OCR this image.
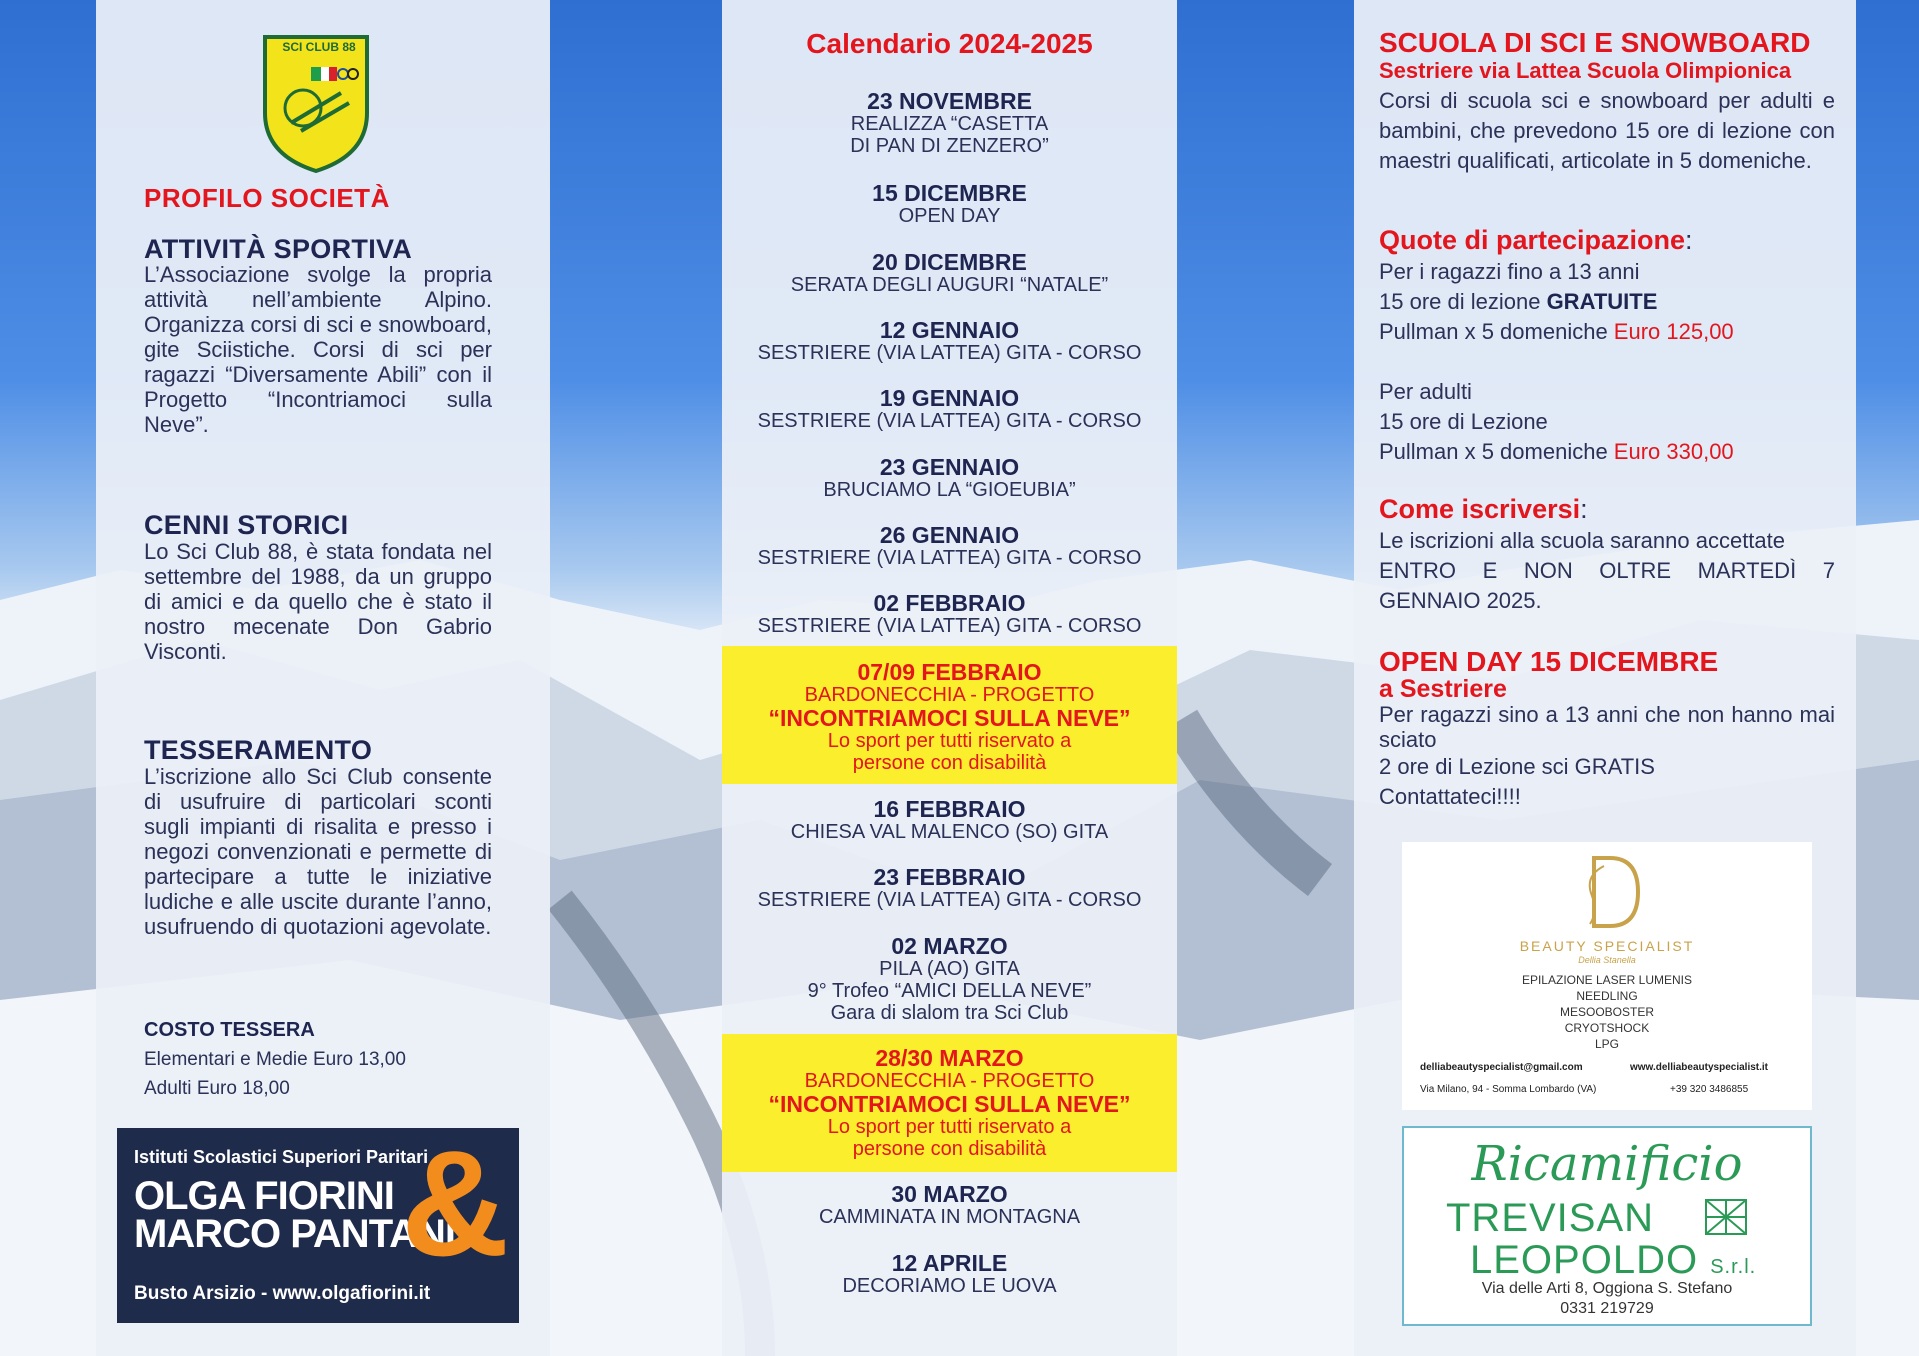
SCI CLUB 88
PROFILO SOCIETÀ
ATTIVITÀ SPORTIVA
L’Associazione svolge la propria attività nell’ambiente Alpino. Organizza corsi di sci e snowboard, gite Sciistiche. Corsi di sci per ragazzi “Diversamente Abili” con il Progetto “Incontriamoci sulla Neve”.
CENNI STORICI
Lo Sci Club 88, è stata fondata nel settembre del 1988, da un gruppo di amici e da quello che è stato il nostro mecenate Don Gabrio Visconti.
TESSERAMENTO
L’iscrizione allo Sci Club consente di usufruire di particolari sconti sugli impianti di risalita e presso i negozi convenzionati e permette di partecipare a tutte le iniziative ludiche e alle uscite durante l’anno, usufruendo di quotazioni agevolate.
COSTO TESSERA
Elementari e Medie Euro 13,00
Adulti Euro 18,00
Istituti Scolastici Superiori Paritari
OLGA FIORINI
MARCO PANTANI
&
Busto Arsizio - www.olgafiorini.it
Calendario 2024-2025
23 NOVEMBRE
REALIZZA “CASETTA
DI PAN DI ZENZERO”
15 DICEMBRE
OPEN DAY
20 DICEMBRE
SERATA DEGLI AUGURI “NATALE”
12 GENNAIO
SESTRIERE (VIA LATTEA) GITA - CORSO
19 GENNAIO
SESTRIERE (VIA LATTEA) GITA - CORSO
23 GENNAIO
BRUCIAMO LA “GIOEUBIA”
26 GENNAIO
SESTRIERE (VIA LATTEA) GITA - CORSO
02 FEBBRAIO
SESTRIERE (VIA LATTEA) GITA - CORSO
07/09 FEBBRAIO
BARDONECCHIA - PROGETTO
“INCONTRIAMOCI SULLA NEVE”
Lo sport per tutti riservato a
persone con disabilità
16 FEBBRAIO
CHIESA VAL MALENCO (SO) GITA
23 FEBBRAIO
SESTRIERE (VIA LATTEA) GITA - CORSO
02 MARZO
PILA (AO) GITA
9° Trofeo “AMICI DELLA NEVE”
Gara di slalom tra Sci Club
28/30 MARZO
BARDONECCHIA - PROGETTO
“INCONTRIAMOCI SULLA NEVE”
Lo sport per tutti riservato a
persone con disabilità
30 MARZO
CAMMINATA IN MONTAGNA
12 APRILE
DECORIAMO LE UOVA
SCUOLA DI SCI E SNOWBOARD
Sestriere via Lattea Scuola Olimpionica
Corsi di scuola sci e snowboard per adulti e bambini, che prevedono 15 ore di lezione con maestri qualificati, articolate in 5 domeniche.
Quote di partecipazione:
Per i ragazzi fino a 13 anni
15 ore di lezione GRATUITE
Pullman x 5 domeniche Euro 125,00
Per adulti
15 ore di Lezione
Pullman x 5 domeniche Euro 330,00
Come iscriversi:
Le iscrizioni alla scuola saranno accettate
ENTRO E NON OLTRE MARTEDÌ 7 GENNAIO 2025.
OPEN DAY 15 DICEMBRE
a Sestriere
Per ragazzi sino a 13 anni che non hanno mai sciato
2 ore di Lezione sci GRATIS
Contattateci!!!!
BEAUTY SPECIALIST
Dellia Stanella
EPILAZIONE LASER LUMENIS
NEEDLING
MESOOBOSTER
CRYOTSHOCK
LPG
delliabeautyspecialist@gmail.com	www.delliabeautyspecialist.it
Via Milano, 94 - Somma Lombardo (VA)	+39 320 3486855
Ricamificio
TREVISAN
LEOPOLDO S.r.l.
Via delle Arti 8, Oggiona S. Stefano
0331 219729
